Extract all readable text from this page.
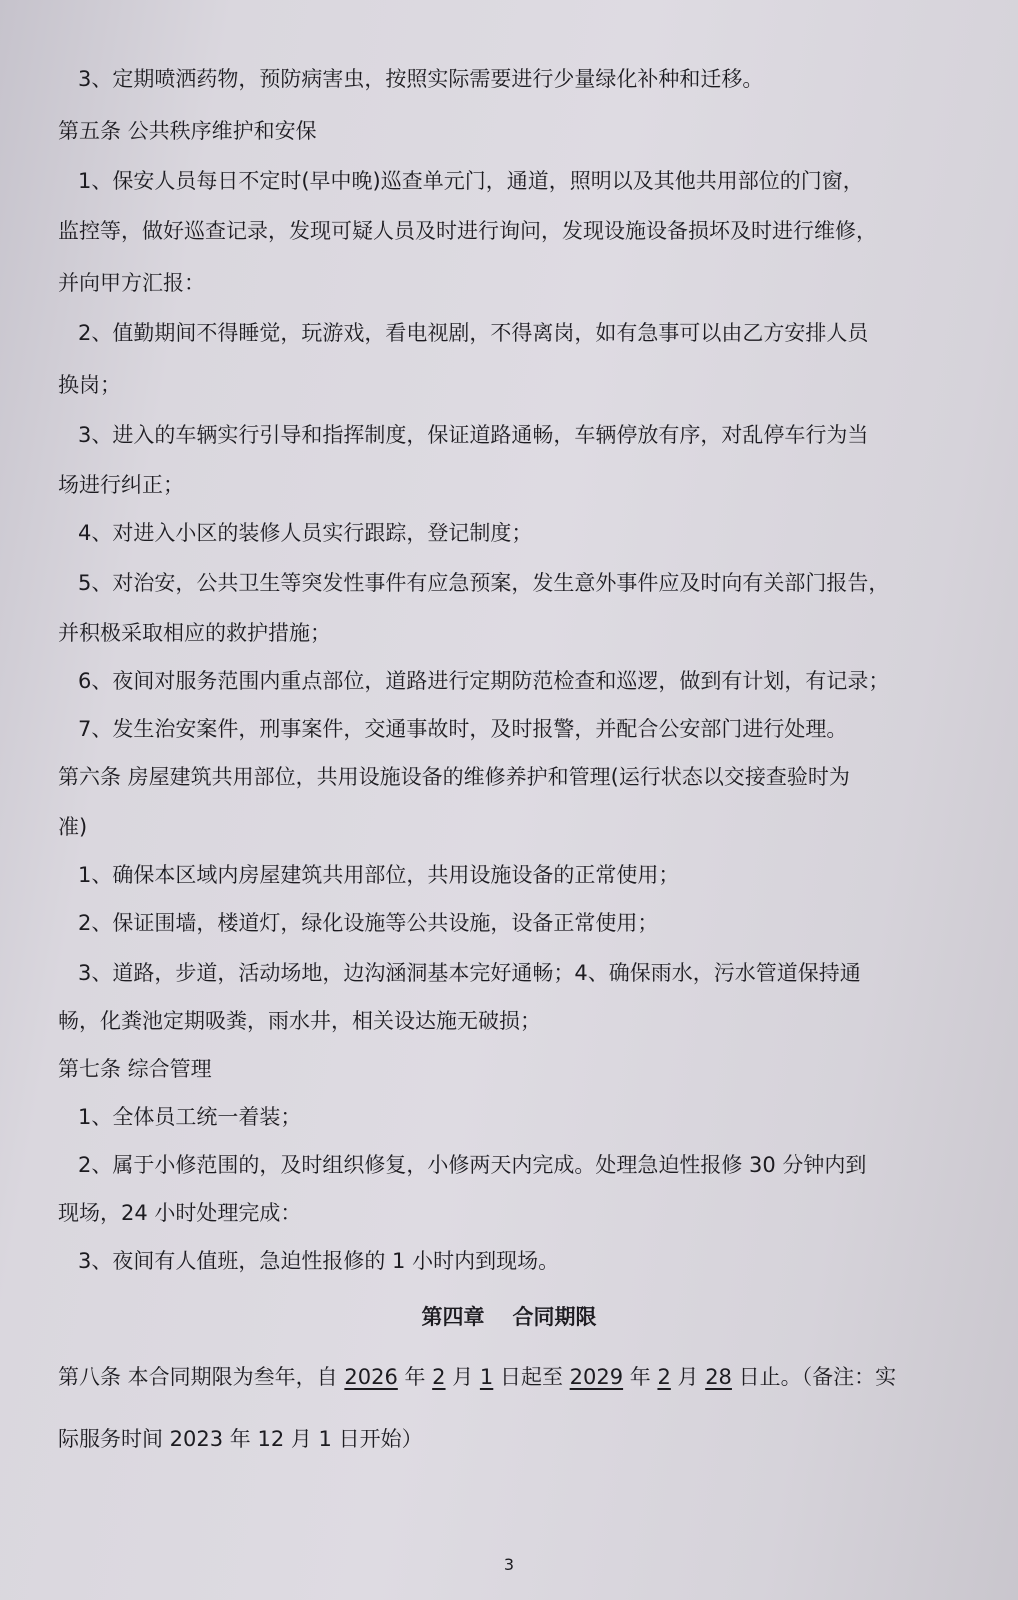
3、定期喷洒药物，预防病害虫，按照实际需要进行少量绿化补种和迁移。
第五条 公共秩序维护和安保
1、保安人员每日不定时(早中晚)巡查单元门，通道，照明以及其他共用部位的门窗，
监控等，做好巡查记录，发现可疑人员及时进行询问，发现设施设备损坏及时进行维修，
并向甲方汇报：
2、值勤期间不得睡觉，玩游戏，看电视剧，不得离岗，如有急事可以由乙方安排人员
换岗；
3、进入的车辆实行引导和指挥制度，保证道路通畅，车辆停放有序，对乱停车行为当
场进行纠正；
4、对进入小区的装修人员实行跟踪，登记制度；
5、对治安，公共卫生等突发性事件有应急预案，发生意外事件应及时向有关部门报告，
并积极采取相应的救护措施；
6、夜间对服务范围内重点部位，道路进行定期防范检查和巡逻，做到有计划，有记录；
7、发生治安案件，刑事案件，交通事故时，及时报警，并配合公安部门进行处理。
第六条 房屋建筑共用部位，共用设施设备的维修养护和管理(运行状态以交接查验时为
准)
1、确保本区域内房屋建筑共用部位，共用设施设备的正常使用；
2、保证围墙，楼道灯，绿化设施等公共设施，设备正常使用；
3、道路，步道，活动场地，边沟涵洞基本完好通畅；4、确保雨水，污水管道保持通
畅，化粪池定期吸粪，雨水井，相关设达施无破损；
第七条 综合管理
1、全体员工统一着装；
2、属于小修范围的，及时组织修复，小修两天内完成。处理急迫性报修 30 分钟内到
现场，24 小时处理完成：
3、夜间有人值班，急迫性报修的 1 小时内到现场。
第四章 合同期限
第八条 本合同期限为叁年，自 2026 年 2 月 1 日起至 2029 年 2 月 28 日止。（备注：实
际服务时间 2023 年 12 月 1 日开始）
3
